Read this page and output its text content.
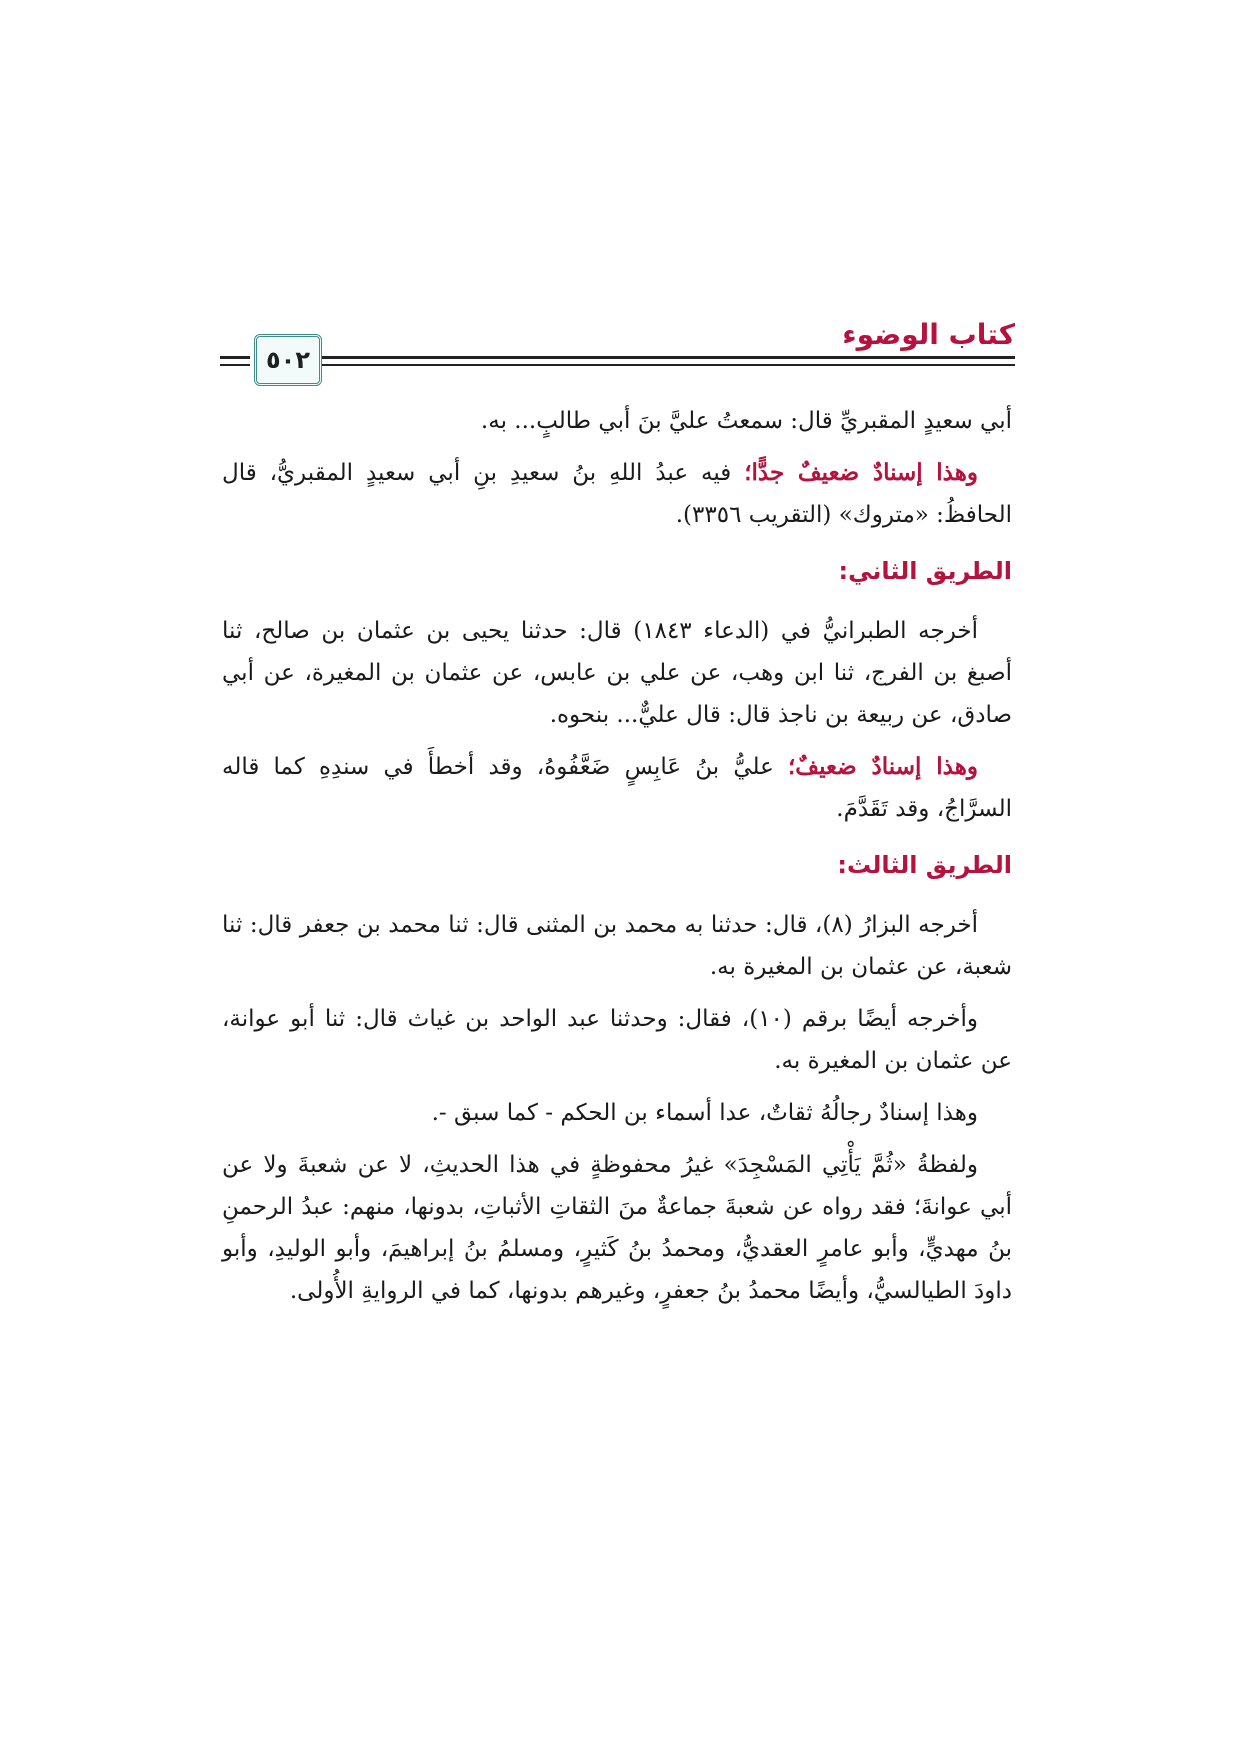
كتاب الوضوء
٥٠٢

أبي سعيدٍ المقبريِّ قال: سمعتُ عليَّ بنَ أبي طالبٍ... به.

وهذا إسنادٌ ضعيفٌ جدًّا؛ فيه عبدُ اللهِ بنُ سعيدِ بنِ أبي سعيدٍ المقبريُّ، قال الحافظُ: «متروك» (التقريب ٣٣٥٦).

الطريق الثاني:

أخرجه الطبرانيُّ في (الدعاء ١٨٤٣) قال: حدثنا يحيى بن عثمان بن صالح، ثنا أصبغ بن الفرج، ثنا ابن وهب، عن علي بن عابس، عن عثمان بن المغيرة، عن أبي صادق، عن ربيعة بن ناجذ قال: قال عليٌّ... بنحوه.

وهذا إسنادٌ ضعيفٌ؛ عليُّ بنُ عَابِسٍ ضَعَّفُوهُ، وقد أخطأَ في سندِهِ كما قاله السرَّاجُ، وقد تَقَدَّمَ.

الطريق الثالث:

أخرجه البزارُ (٨)، قال: حدثنا به محمد بن المثنى قال: ثنا محمد بن جعفر قال: ثنا شعبة، عن عثمان بن المغيرة به.

وأخرجه أيضًا برقم (١٠)، فقال: وحدثنا عبد الواحد بن غياث قال: ثنا أبو عوانة، عن عثمان بن المغيرة به.

وهذا إسنادٌ رجالُهُ ثقاتٌ، عدا أسماء بن الحكم - كما سبق -.

ولفظةُ «ثُمَّ يَأْتِي المَسْجِدَ» غيرُ محفوظةٍ في هذا الحديثِ، لا عن شعبةَ ولا عن أبي عوانةَ؛ فقد رواه عن شعبةَ جماعةٌ منَ الثقاتِ الأثباتِ، بدونها، منهم: عبدُ الرحمنِ بنُ مهديٍّ، وأبو عامرٍ العقديُّ، ومحمدُ بنُ كَثيرٍ، ومسلمُ بنُ إبراهيمَ، وأبو الوليدِ، وأبو داودَ الطيالسيُّ، وأيضًا محمدُ بنُ جعفرٍ، وغيرهم بدونها، كما في الروايةِ الأُولى.
